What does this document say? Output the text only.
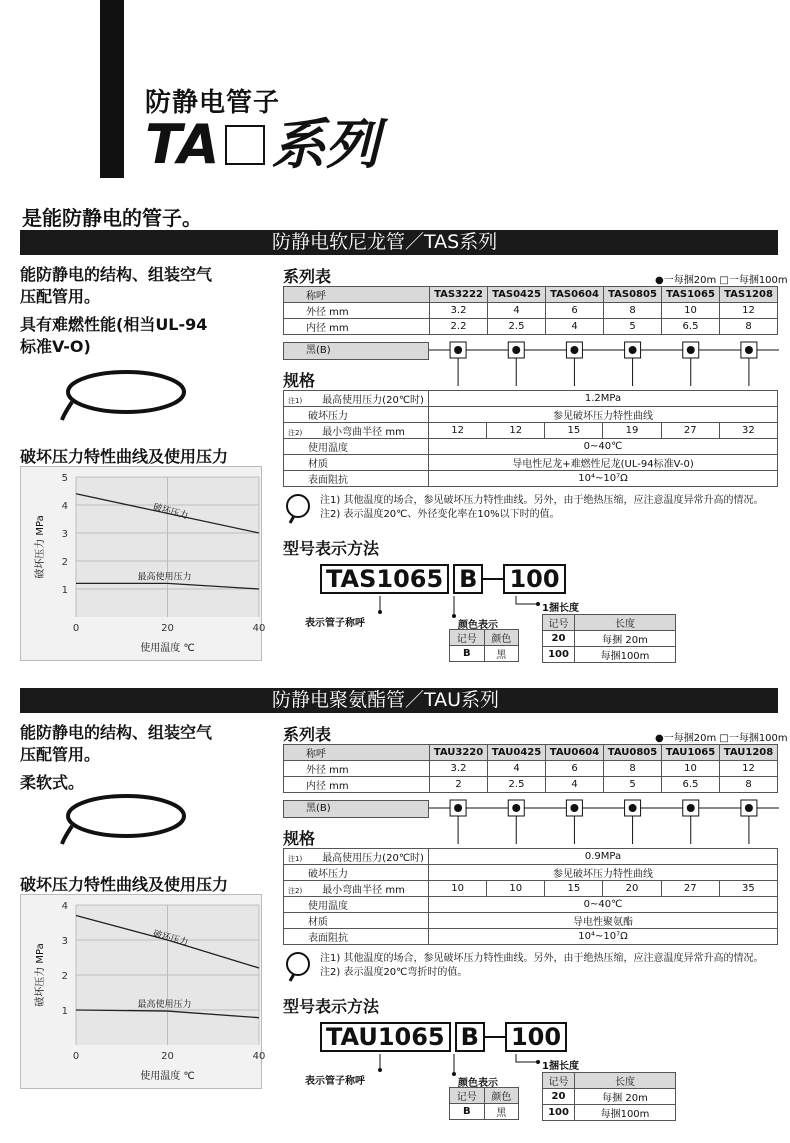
防静电管子
TA 系列
是能防静电的管子。
防静电软尼龙管／TAS系列
能防静电的结构、组装空气
压配管用。
具有难燃性能(相当UL-94
标准V-O)
破坏压力特性曲线及使用压力
1
2
3
4
5
0	20	40
使用温度 ℃
破坏压力 MPa
破坏压力
最高使用压力
系列表	●一每捆20m □一每捆100m
称呼	TAS3222	TAS0425	TAS0604	TAS0805	TAS1065	TAS1208
外径 mm	3.2	4	6	8	10	12
内径 mm	2.2	2.5	4	5	6.5	8
黑(B)
规格
注1) 最高使用压力(20℃时)	1.2MPa					
破坏压力	参见破坏压力特性曲线					
注2) 最小弯曲半径 mm	12	12	15	19	27	32
使用温度	0~40℃					
材质	导电性尼龙+难燃性尼龙(UL-94标准V-0)					
表面阻抗	10⁴~10⁷Ω					
注1) 其他温度的场合，参见破坏压力特性曲线。另外，由于绝热压缩，应注意温度异常升高的情况。
注2) 表示温度20℃、外径变化率在10%以下时的值。
型号表示方法
TAS1065 B 100
1捆长度
表示管子称呼	颜色表示
记号	颜色
B	黑
记号	长度
20	每捆 20m
100	每捆100m
防静电聚氨酯管／TAU系列
能防静电的结构、组装空气
压配管用。
柔软式。
破坏压力特性曲线及使用压力
1
2
3
4
0	20	40
使用温度 ℃
破坏压力 MPa
破坏压力
最高使用压力
系列表	●一每捆20m □一每捆100m
称呼	TAU3220	TAU0425	TAU0604	TAU0805	TAU1065	TAU1208
外径 mm	3.2	4	6	8	10	12
内径 mm	2	2.5	4	5	6.5	8
黑(B)
规格
注1) 最高使用压力(20℃时)	0.9MPa					
破坏压力	参见破坏压力特性曲线					
注2) 最小弯曲半径 mm	10	10	15	20	27	35
使用温度	0~40℃					
材质	导电性聚氨酯					
表面阻抗	10⁴~10⁷Ω					
注1) 其他温度的场合，参见破坏压力特性曲线。另外，由于绝热压缩，应注意温度异常升高的情况。
注2) 表示温度20℃弯折时的值。
型号表示方法
TAU1065 B 100
1捆长度
表示管子称呼	颜色表示
记号	颜色
B	黑
记号	长度
20	每捆 20m
100	每捆100m
